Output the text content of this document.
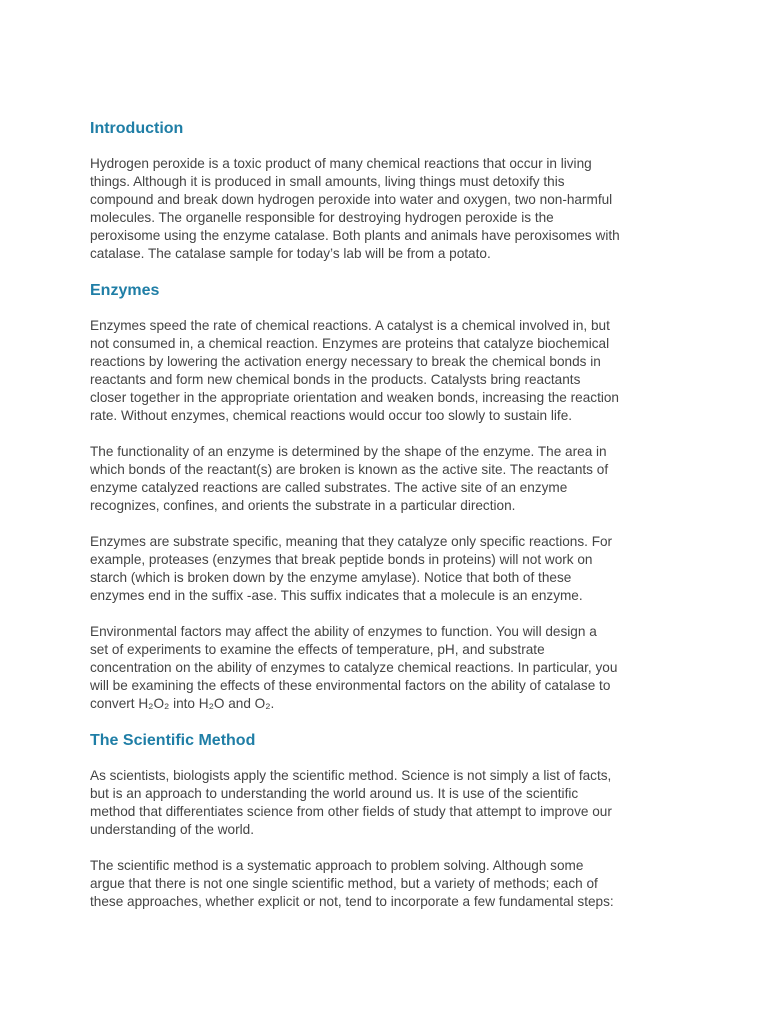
Introduction

Hydrogen peroxide is a toxic product of many chemical reactions that occur in living
things. Although it is produced in small amounts, living things must detoxify this
compound and break down hydrogen peroxide into water and oxygen, two non-harmful
molecules. The organelle responsible for destroying hydrogen peroxide is the
peroxisome using the enzyme catalase. Both plants and animals have peroxisomes with
catalase. The catalase sample for today’s lab will be from a potato.

Enzymes

Enzymes speed the rate of chemical reactions. A catalyst is a chemical involved in, but
not consumed in, a chemical reaction. Enzymes are proteins that catalyze biochemical
reactions by lowering the activation energy necessary to break the chemical bonds in
reactants and form new chemical bonds in the products. Catalysts bring reactants
closer together in the appropriate orientation and weaken bonds, increasing the reaction
rate. Without enzymes, chemical reactions would occur too slowly to sustain life.

The functionality of an enzyme is determined by the shape of the enzyme. The area in
which bonds of the reactant(s) are broken is known as the active site. The reactants of
enzyme catalyzed reactions are called substrates. The active site of an enzyme
recognizes, confines, and orients the substrate in a particular direction.

Enzymes are substrate specific, meaning that they catalyze only specific reactions. For
example, proteases (enzymes that break peptide bonds in proteins) will not work on
starch (which is broken down by the enzyme amylase). Notice that both of these
enzymes end in the suffix -ase. This suffix indicates that a molecule is an enzyme.

Environmental factors may affect the ability of enzymes to function. You will design a
set of experiments to examine the effects of temperature, pH, and substrate
concentration on the ability of enzymes to catalyze chemical reactions. In particular, you
will be examining the effects of these environmental factors on the ability of catalase to
convert H₂O₂ into H₂O and O₂.

The Scientific Method

As scientists, biologists apply the scientific method. Science is not simply a list of facts,
but is an approach to understanding the world around us. It is use of the scientific
method that differentiates science from other fields of study that attempt to improve our
understanding of the world.

The scientific method is a systematic approach to problem solving. Although some
argue that there is not one single scientific method, but a variety of methods; each of
these approaches, whether explicit or not, tend to incorporate a few fundamental steps:
